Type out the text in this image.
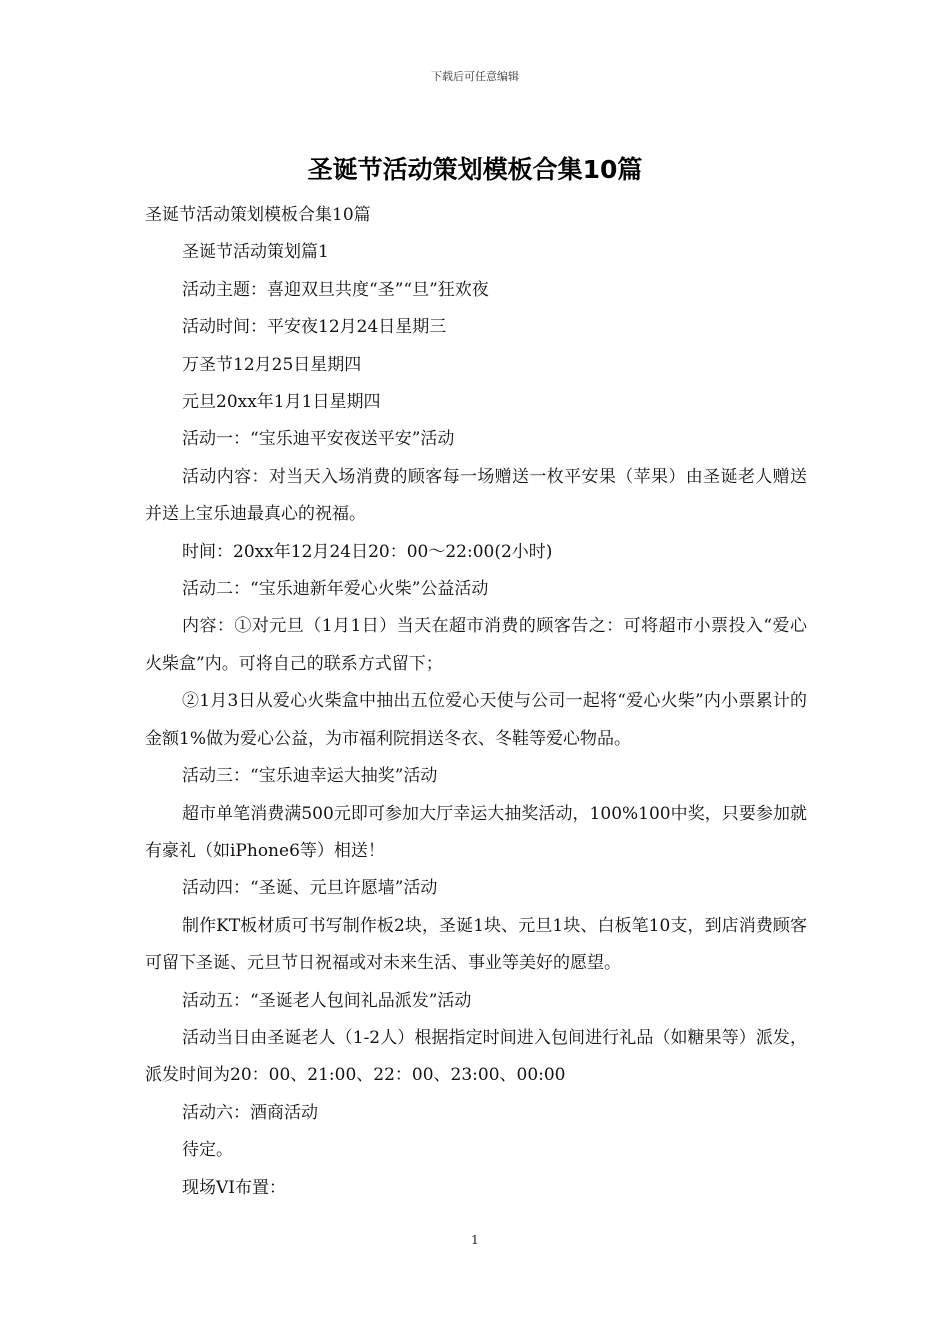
下载后可任意编辑
圣诞节活动策划模板合集10篇

圣诞节活动策划模板合集10篇

圣诞节活动策划篇1

活动主题：喜迎双旦共度“圣”“旦”狂欢夜

活动时间：平安夜12月24日星期三

万圣节12月25日星期四

元旦20xx年1月1日星期四

活动一：“宝乐迪平安夜送平安”活动

活动内容：对当天入场消费的顾客每一场赠送一枚平安果（苹果）由圣诞老人赠送并送上宝乐迪最真心的祝福。

时间：20xx年12月24日20：00～22:00(2小时)

活动二：“宝乐迪新年爱心火柴”公益活动

内容：①对元旦（1月1日）当天在超市消费的顾客告之：可将超市小票投入“爱心火柴盒”内。可将自己的联系方式留下；

②1月3日从爱心火柴盒中抽出五位爱心天使与公司一起将“爱心火柴”内小票累计的金额1%做为爱心公益，为市福利院捐送冬衣、冬鞋等爱心物品。

活动三：“宝乐迪幸运大抽奖”活动

超市单笔消费满500元即可参加大厅幸运大抽奖活动，100%100中奖，只要参加就有豪礼（如iPhone6等）相送！

活动四：“圣诞、元旦许愿墙”活动

制作KT板材质可书写制作板2块，圣诞1块、元旦1块、白板笔10支，到店消费顾客可留下圣诞、元旦节日祝福或对未来生活、事业等美好的愿望。

活动五：“圣诞老人包间礼品派发”活动

活动当日由圣诞老人（1-2人）根据指定时间进入包间进行礼品（如糖果等）派发，派发时间为20：00、21:00、22：00、23:00、00:00

活动六：酒商活动

待定。

现场VI布置：

1
